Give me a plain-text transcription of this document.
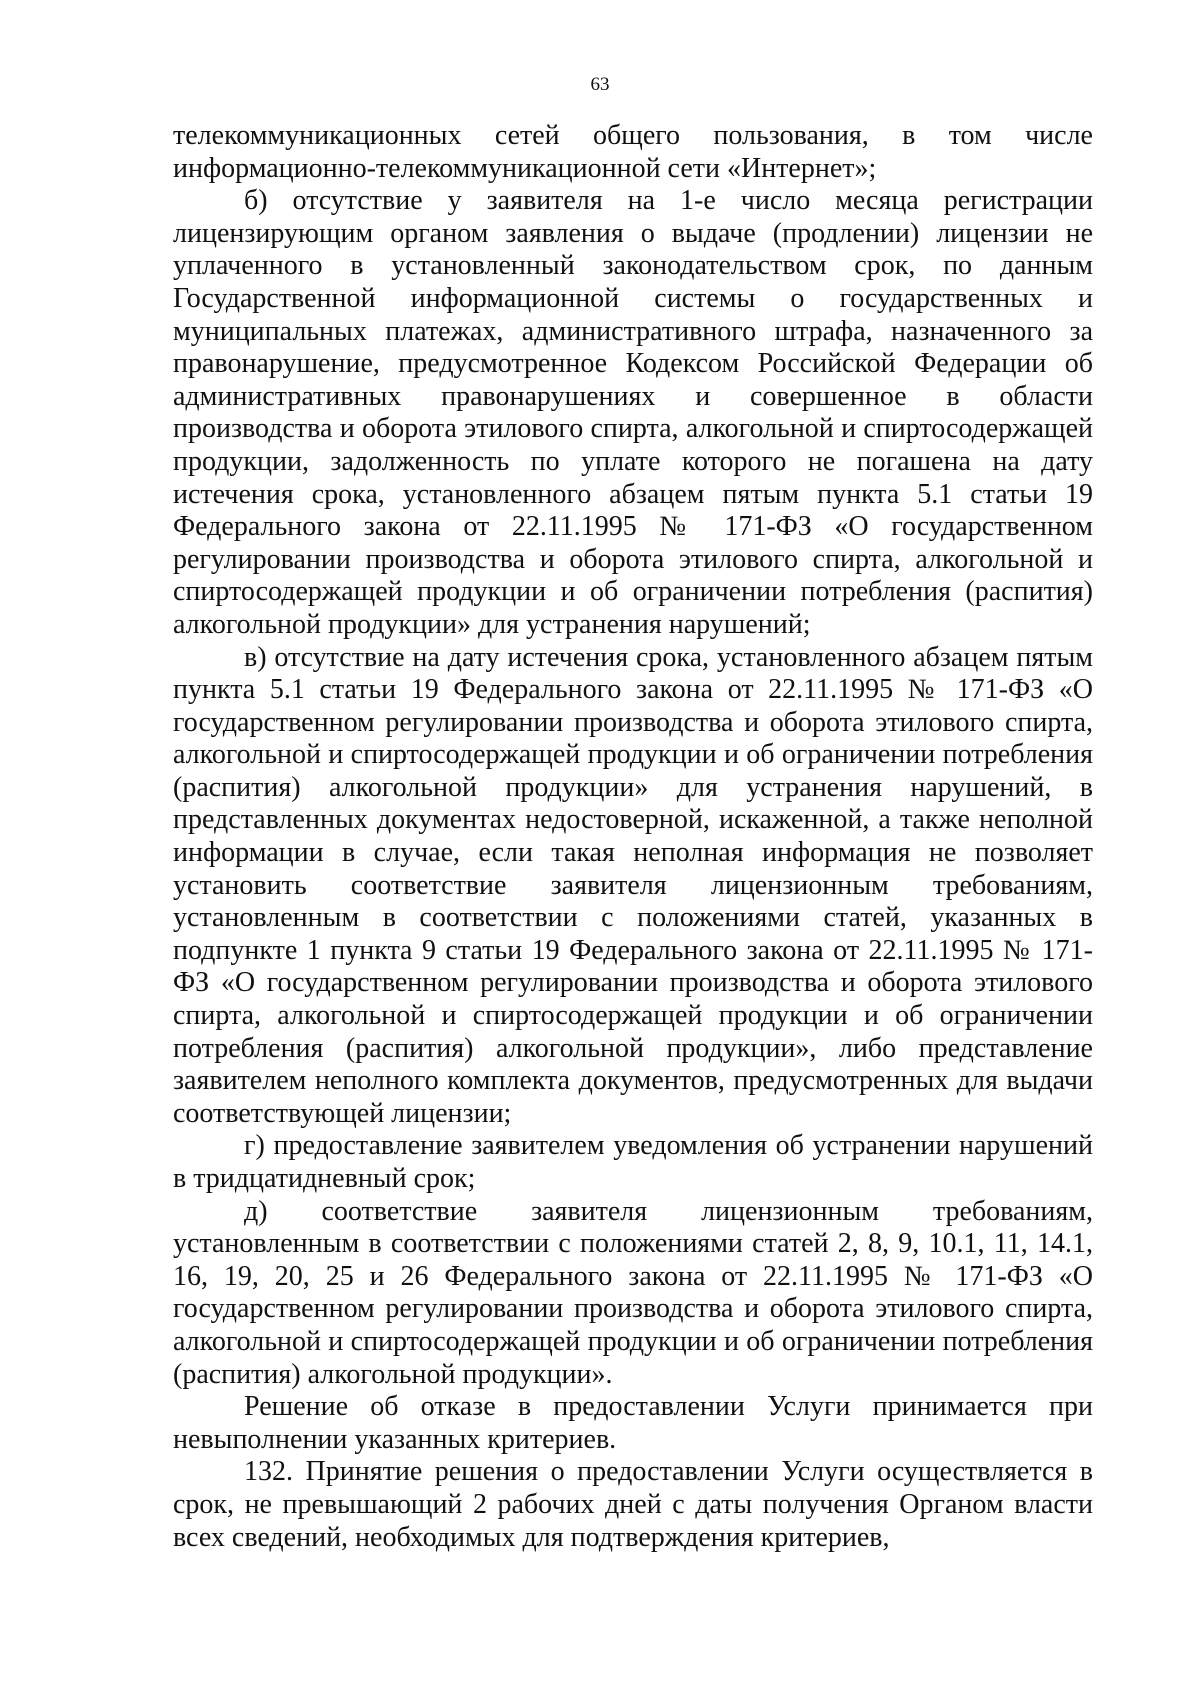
63

телекоммуникационных сетей общего пользования, в том числе информационно-телекоммуникационной сети «Интернет»;

б) отсутствие у заявителя на 1-е число месяца регистрации лицензирующим органом заявления о выдаче (продлении) лицензии не уплаченного в установленный законодательством срок, по данным Государственной информационной системы о государственных и муниципальных платежах, административного штрафа, назначенного за правонарушение, предусмотренное Кодексом Российской Федерации об административных правонарушениях и совершенное в области производства и оборота этилового спирта, алкогольной и спиртосодержащей продукции, задолженность по уплате которого не погашена на дату истечения срока, установленного абзацем пятым пункта 5.1 статьи 19 Федерального закона от 22.11.1995 № 171-ФЗ «О государственном регулировании производства и оборота этилового спирта, алкогольной и спиртосодержащей продукции и об ограничении потребления (распития) алкогольной продукции» для устранения нарушений;

в) отсутствие на дату истечения срока, установленного абзацем пятым пункта 5.1 статьи 19 Федерального закона от 22.11.1995 № 171-ФЗ «О государственном регулировании производства и оборота этилового спирта, алкогольной и спиртосодержащей продукции и об ограничении потребления (распития) алкогольной продукции» для устранения нарушений, в представленных документах недостоверной, искаженной, а также неполной информации в случае, если такая неполная информация не позволяет установить соответствие заявителя лицензионным требованиям, установленным в соответствии с положениями статей, указанных в подпункте 1 пункта 9 статьи 19 Федерального закона от 22.11.1995 № 171-ФЗ «О государственном регулировании производства и оборота этилового спирта, алкогольной и спиртосодержащей продукции и об ограничении потребления (распития) алкогольной продукции», либо представление заявителем неполного комплекта документов, предусмотренных для выдачи соответствующей лицензии;

г) предоставление заявителем уведомления об устранении нарушений в тридцатидневный срок;

д) соответствие заявителя лицензионным требованиям, установленным в соответствии с положениями статей 2, 8, 9, 10.1, 11, 14.1, 16, 19, 20, 25 и 26 Федерального закона от 22.11.1995 № 171-ФЗ «О государственном регулировании производства и оборота этилового спирта, алкогольной и спиртосодержащей продукции и об ограничении потребления (распития) алкогольной продукции».

Решение об отказе в предоставлении Услуги принимается при невыполнении указанных критериев.

132. Принятие решения о предоставлении Услуги осуществляется в срок, не превышающий 2 рабочих дней с даты получения Органом власти всех сведений, необходимых для подтверждения критериев,
